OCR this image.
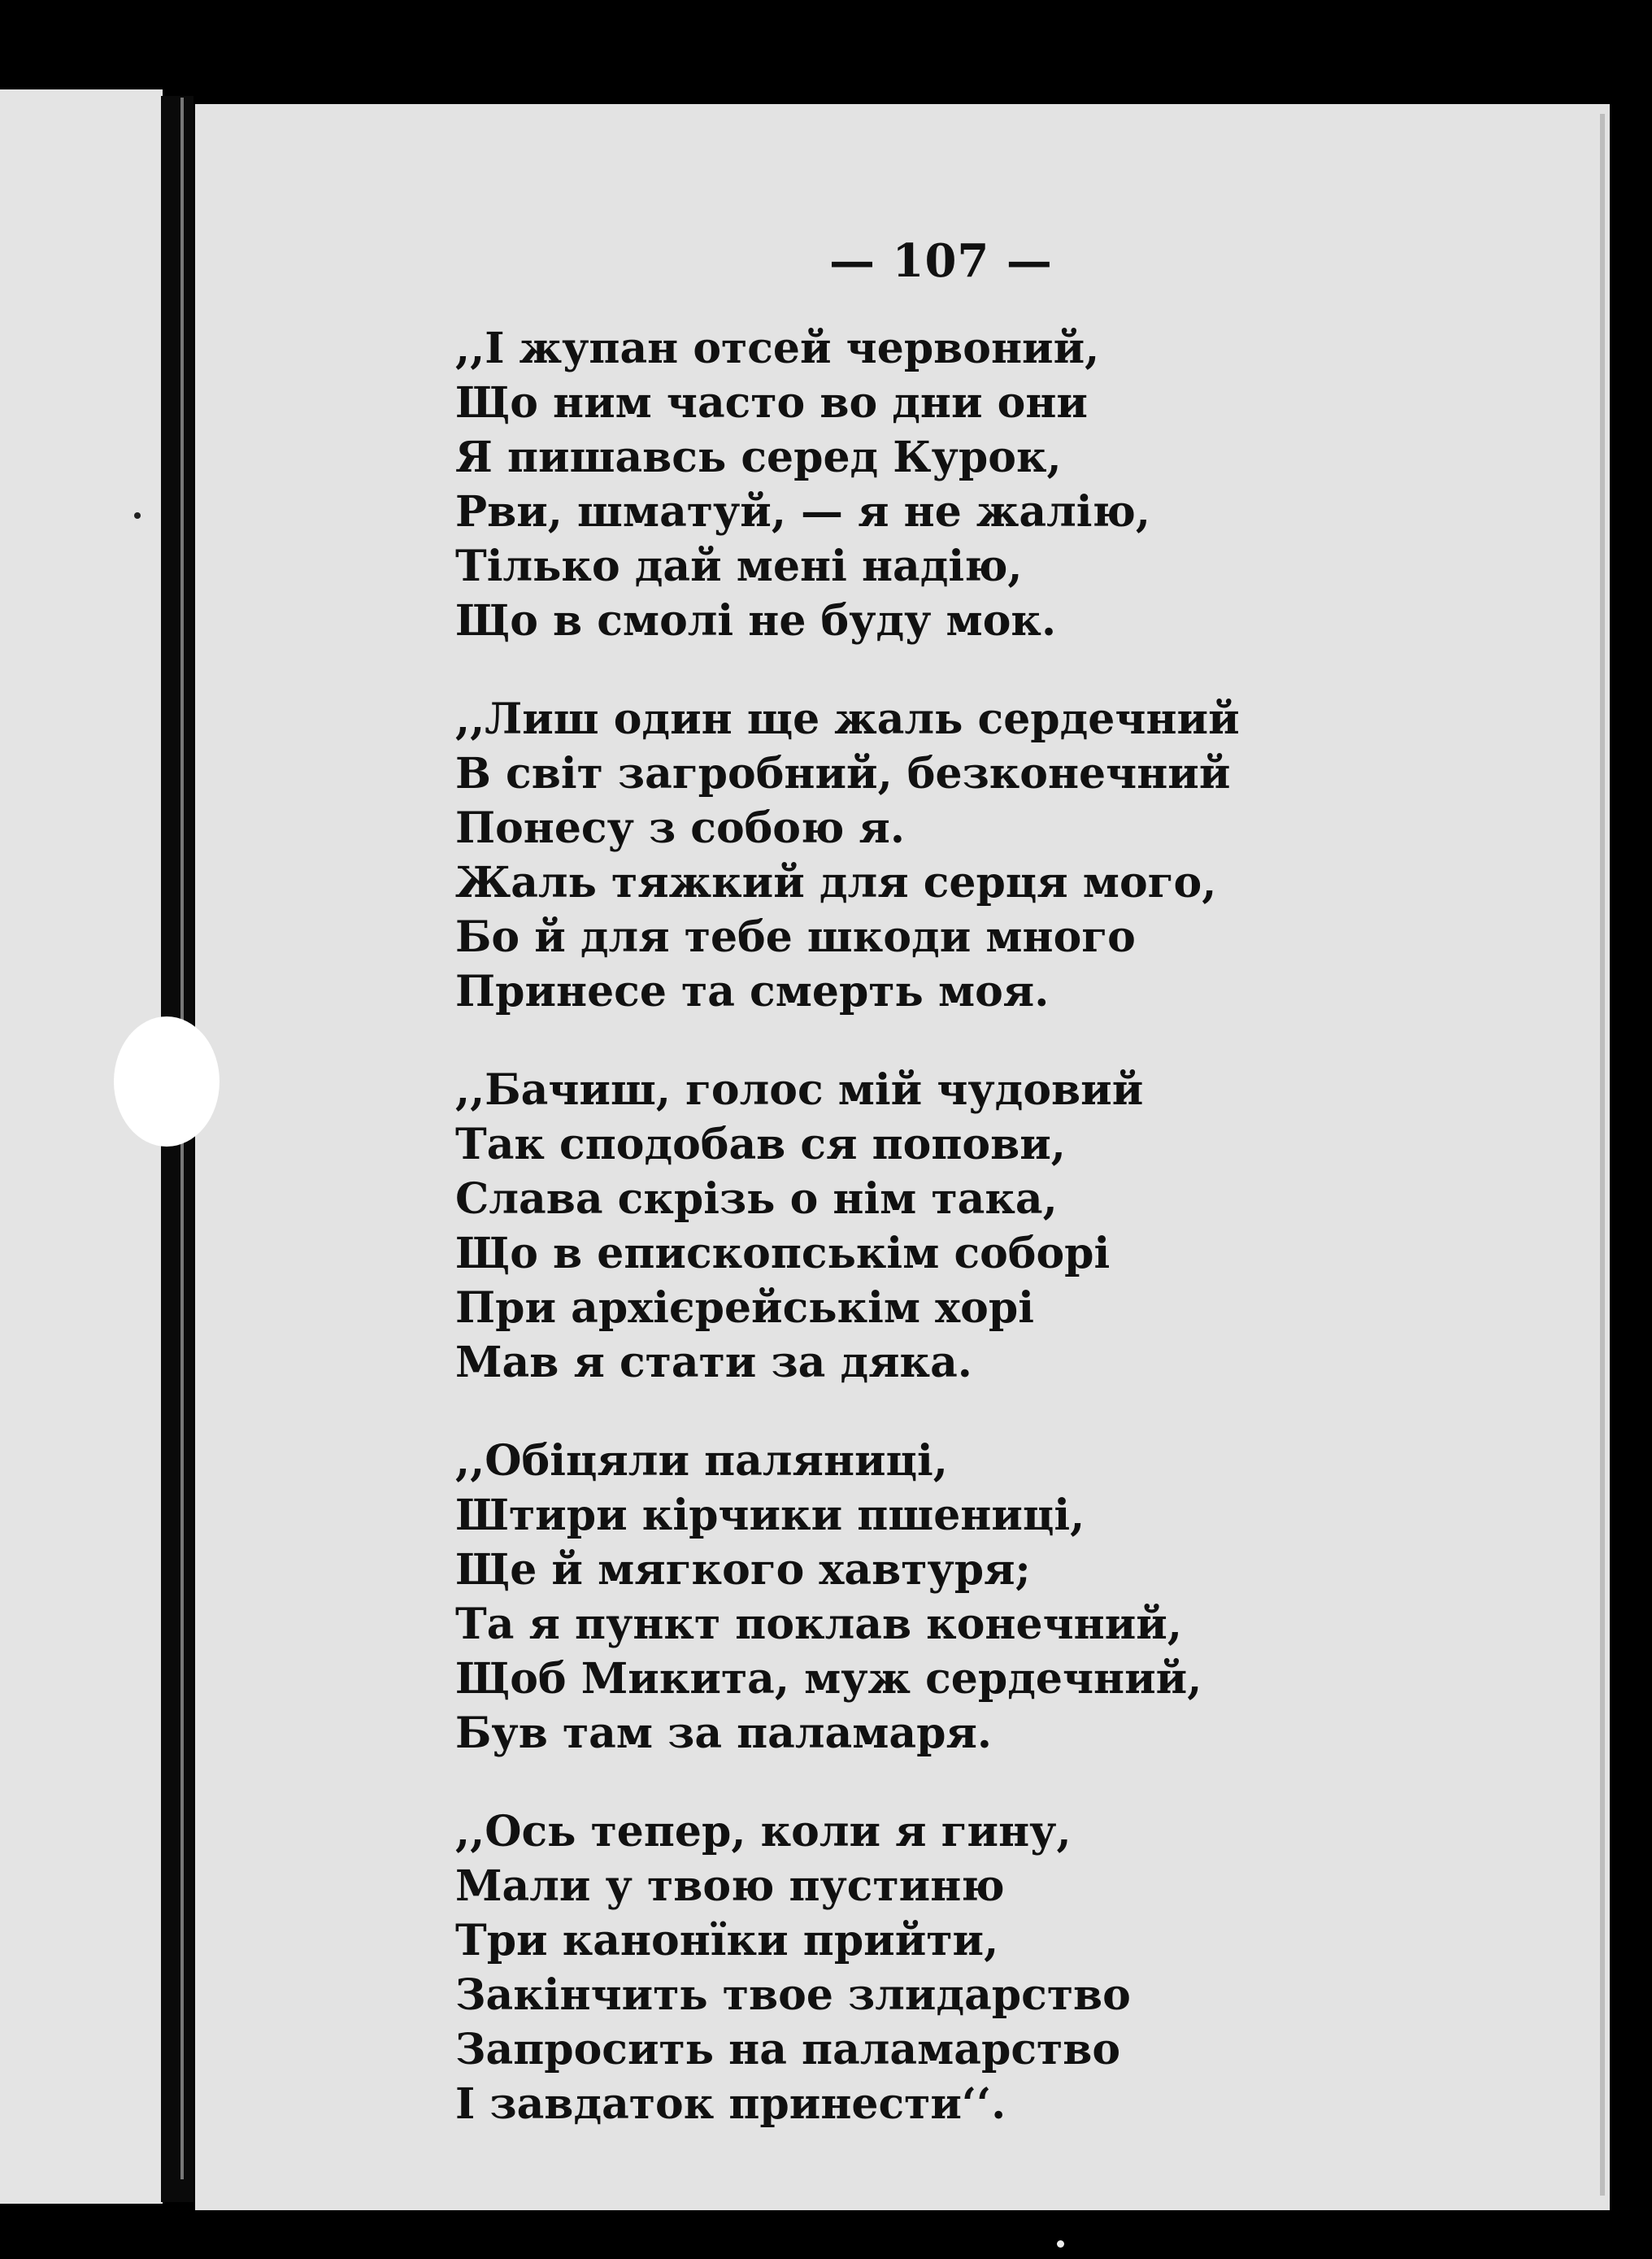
— 107 —
,,І жупан отсей червоний,
Що ним часто во дни они
Я пишавсь серед Курок,
Рви, шматуй, — я не жалію,
Тілько дай мені надію,
Що в смолі не буду мок.
,,Лиш один ще жаль сердечний
В світ загробний, безконечний
Понесу з собою я.
Жаль тяжкий для серця мого,
Бо й для тебе шкоди много
Принесе та смерть моя.
,,Бачиш, голос мій чудовий
Так сподобав ся попови,
Слава скрізь о нім така,
Що в епископськім соборі
При архієрейськім хорі
Мав я стати за дяка.
,,Обіцяли паляниці,
Штири кірчики пшениці,
Ще й мягкого хавтуря;
Та я пункт поклав конечний,
Щоб Микита, муж сердечний,
Був там за паламаря.
,,Ось тепер, коли я гину,
Мали у твою пустиню
Три канонїки прийти,
Закінчить твое злидарство
Запросить на паламарство
І завдаток принести‘‘.
